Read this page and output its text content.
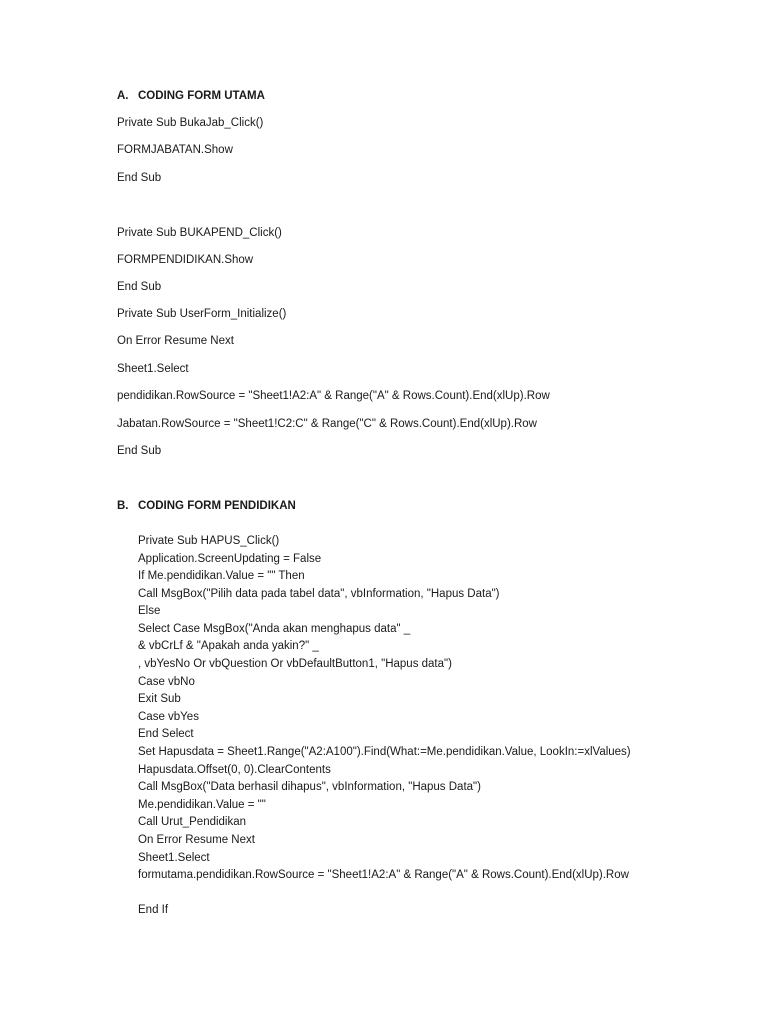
A. CODING FORM UTAMA
Private Sub BukaJab_Click()
FORMJABATAN.Show
End Sub
Private Sub BUKAPEND_Click()
FORMPENDIDIKAN.Show
End Sub
Private Sub UserForm_Initialize()
On Error Resume Next
Sheet1.Select
pendidikan.RowSource = "Sheet1!A2:A" & Range("A" & Rows.Count).End(xlUp).Row
Jabatan.RowSource = "Sheet1!C2:C" & Range("C" & Rows.Count).End(xlUp).Row
End Sub
B. CODING FORM PENDIDIKAN
Private Sub HAPUS_Click()
Application.ScreenUpdating = False
If Me.pendidikan.Value = "" Then
Call MsgBox("Pilih data pada tabel data", vbInformation, "Hapus Data")
Else
Select Case MsgBox("Anda akan menghapus data" _
& vbCrLf & "Apakah anda yakin?" _
, vbYesNo Or vbQuestion Or vbDefaultButton1, "Hapus data")
Case vbNo
Exit Sub
Case vbYes
End Select
Set Hapusdata = Sheet1.Range("A2:A100").Find(What:=Me.pendidikan.Value, LookIn:=xlValues)
Hapusdata.Offset(0, 0).ClearContents
Call MsgBox("Data berhasil dihapus", vbInformation, "Hapus Data")
Me.pendidikan.Value = ""
Call Urut_Pendidikan
On Error Resume Next
Sheet1.Select
formutama.pendidikan.RowSource = "Sheet1!A2:A" & Range("A" & Rows.Count).End(xlUp).Row
End If
